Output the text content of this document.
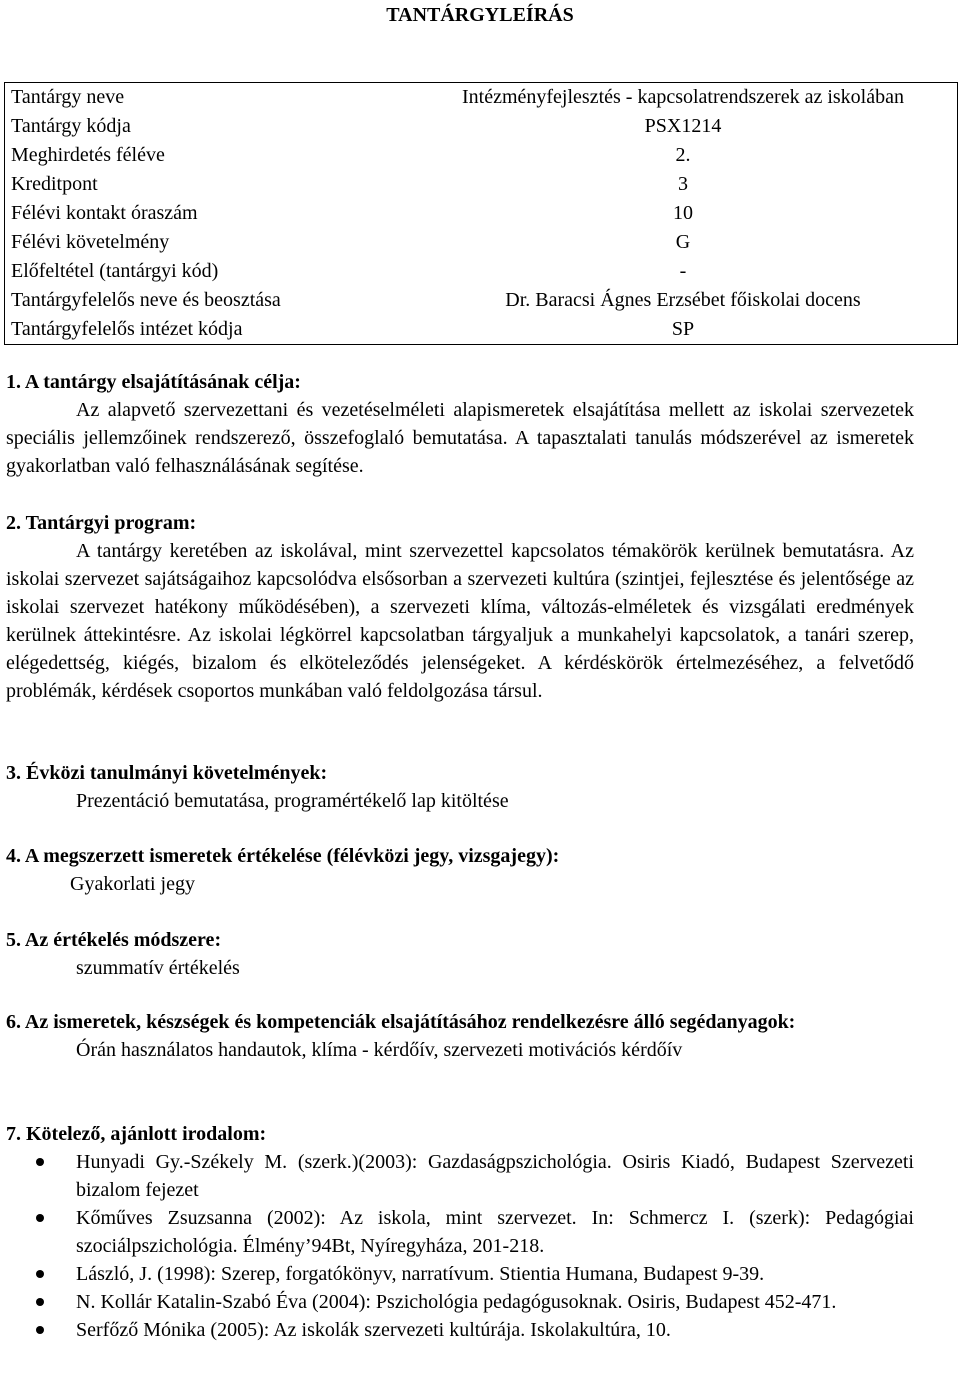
TANTÁRGYLEÍRÁS
Tantárgy neve	Intézményfejlesztés - kapcsolatrendszerek az iskolában
Tantárgy kódja	PSX1214
Meghirdetés féléve	2.
Kreditpont	3
Félévi kontakt óraszám	10
Félévi követelmény	G
Előfeltétel (tantárgyi kód)	-
Tantárgyfelelős neve és beosztása	Dr. Baracsi Ágnes Erzsébet főiskolai docens
Tantárgyfelelős intézet kódja	SP
1. A tantárgy elsajátításának célja:

Az alapvető szervezettani és vezetéselméleti alapismeretek elsajátítása mellett az iskolai szervezetek speciális jellemzőinek rendszerező, összefoglaló bemutatása. A tapasztalati tanulás módszerével az ismeretek gyakorlatban való felhasználásának segítése.

2. Tantárgyi program:

A tantárgy keretében az iskolával, mint szervezettel kapcsolatos témakörök kerülnek bemutatásra. Az iskolai szervezet sajátságaihoz kapcsolódva elsősorban a szervezeti kultúra (szintjei, fejlesztése és jelentősége az iskolai szervezet hatékony működésében), a szervezeti klíma, változás-elméletek és vizsgálati eredmények kerülnek áttekintésre. Az iskolai légkörrel kapcsolatban tárgyaljuk a munkahelyi kapcsolatok, a tanári szerep, elégedettség, kiégés, bizalom és elköteleződés jelenségeket. A kérdéskörök értelmezéséhez, a felvetődő problémák, kérdések csoportos munkában való feldolgozása társul.

3. Évközi tanulmányi követelmények:
Prezentáció bemutatása, programértékelő lap kitöltése
4. A megszerzett ismeretek értékelése (félévközi jegy, vizsgajegy):
Gyakorlati jegy
5. Az értékelés módszere:
szummatív értékelés
6. Az ismeretek, készségek és kompetenciák elsajátításához rendelkezésre álló segédanyagok:
Órán használatos handautok, klíma - kérdőív, szervezeti motivációs kérdőív
7. Kötelező, ajánlott irodalom:
Hunyadi Gy.-Székely M. (szerk.)(2003): Gazdaságpszichológia. Osiris Kiadó, Budapest Szervezeti bizalom fejezet
Kőműves Zsuzsanna (2002): Az iskola, mint szervezet. In: Schmercz I. (szerk): Pedagógiai szociálpszichológia. Élmény’94Bt, Nyíregyháza, 201-218.
László, J. (1998): Szerep, forgatókönyv, narratívum. Stientia Humana, Budapest 9-39.
N. Kollár Katalin-Szabó Éva (2004): Pszichológia pedagógusoknak. Osiris, Budapest 452-471.
Serfőző Mónika (2005): Az iskolák szervezeti kultúrája. Iskolakultúra, 10.
